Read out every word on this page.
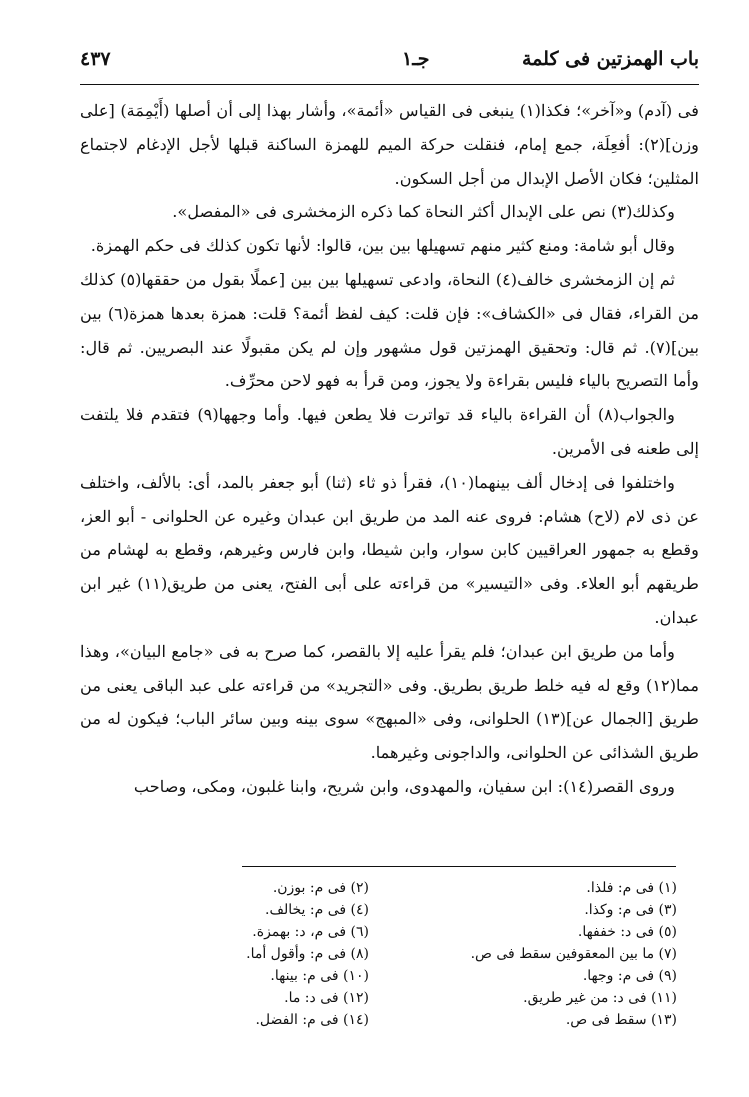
باب الهمزتين فى كلمة
جـ١
٤٣٧

فى (آدم) و«آخر»؛ فكذا(١) ينبغى فى القياس «أئمة»، وأشار بهذا إلى أن أصلها (أَيْمِمَة) [على وزن](٢): أفعِلَة، جمع إمام، فنقلت حركة الميم للهمزة الساكنة قبلها لأجل الإدغام لاجتماع المثلين؛ فكان الأصل الإبدال من أجل السكون.

وكذلك(٣) نص على الإبدال أكثر النحاة كما ذكره الزمخشرى فى «المفصل».

وقال أبو شامة: ومنع كثير منهم تسهيلها بين بين، قالوا: لأنها تكون كذلك فى حكم الهمزة.

ثم إن الزمخشرى خالف(٤) النحاة، وادعى تسهيلها بين بين [عملًا بقول من حققها(٥) كذلك من القراء، فقال فى «الكشاف»: فإن قلت: كيف لفظ أئمة؟ قلت: همزة بعدها همزة(٦) بين بين](٧). ثم قال: وتحقيق الهمزتين قول مشهور وإن لم يكن مقبولًا عند البصريين. ثم قال: وأما التصريح بالياء فليس بقراءة ولا يجوز، ومن قرأ به فهو لاحن محرِّف.

والجواب(٨) أن القراءة بالياء قد تواترت فلا يطعن فيها. وأما وجهها(٩) فتقدم فلا يلتفت إلى طعنه فى الأمرين.

واختلفوا فى إدخال ألف بينهما(١٠)، فقرأ ذو ثاء (ثنا) أبو جعفر بالمد، أى: بالألف، واختلف عن ذى لام (لاح) هشام: فروى عنه المد من طريق ابن عبدان وغيره عن الحلوانى - أبو العز، وقطع به جمهور العراقيين كابن سوار، وابن شيطا، وابن فارس وغيرهم، وقطع به لهشام من طريقهم أبو العلاء. وفى «التيسير» من قراءته على أبى الفتح، يعنى من طريق(١١) غير ابن عبدان.

وأما من طريق ابن عبدان؛ فلم يقرأ عليه إلا بالقصر، كما صرح به فى «جامع البيان»، وهذا مما(١٢) وقع له فيه خلط طريق بطريق. وفى «التجريد» من قراءته على عبد الباقى يعنى من طريق [الجمال عن](١٣) الحلوانى، وفى «المبهج» سوى بينه وبين سائر الباب؛ فيكون له من طريق الشذائى عن الحلوانى، والداجونى وغيرهما.

وروى القصر(١٤): ابن سفيان، والمهدوى، وابن شريح، وابنا غلبون، ومكى، وصاحب

(١) فى م: فلذا.
(٣) فى م: وكذا.
(٥) فى د: خففها.
(٧) ما بين المعقوفين سقط فى ص.
(٩) فى م: وجها.
(١١) فى د: من غير طريق.
(١٣) سقط فى ص.
(٢) فى م: بوزن.
(٤) فى م: يخالف.
(٦) فى م، د: بهمزة.
(٨) فى م: وأقول أما.
(١٠) فى م: بينها.
(١٢) فى د: ما.
(١٤) فى م: الفضل.
